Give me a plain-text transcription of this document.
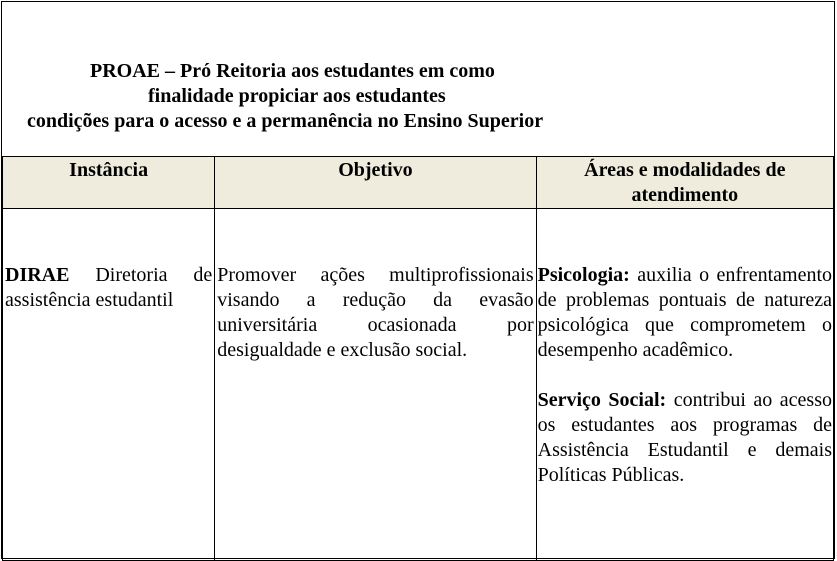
PROAE – Pró Reitoria aos estudantes em como
finalidade propiciar aos estudantes
condições para o acesso e a permanência no Ensino Superior
Instância	Objetivo	Áreas e modalidades de atendimento

DIRAE Diretoria de assistência estudantil	Promover ações multiprofissionais visando a redução da evasão universitária ocasionada por desigualdade e exclusão social.	Psicologia: auxilia o enfrentamento de problemas pontuais de natureza psicológica que comprometem o desempenho acadêmico.
Serviço Social: contribui ao acesso os estudantes aos programas de Assistência Estudantil e demais Políticas Públicas.
